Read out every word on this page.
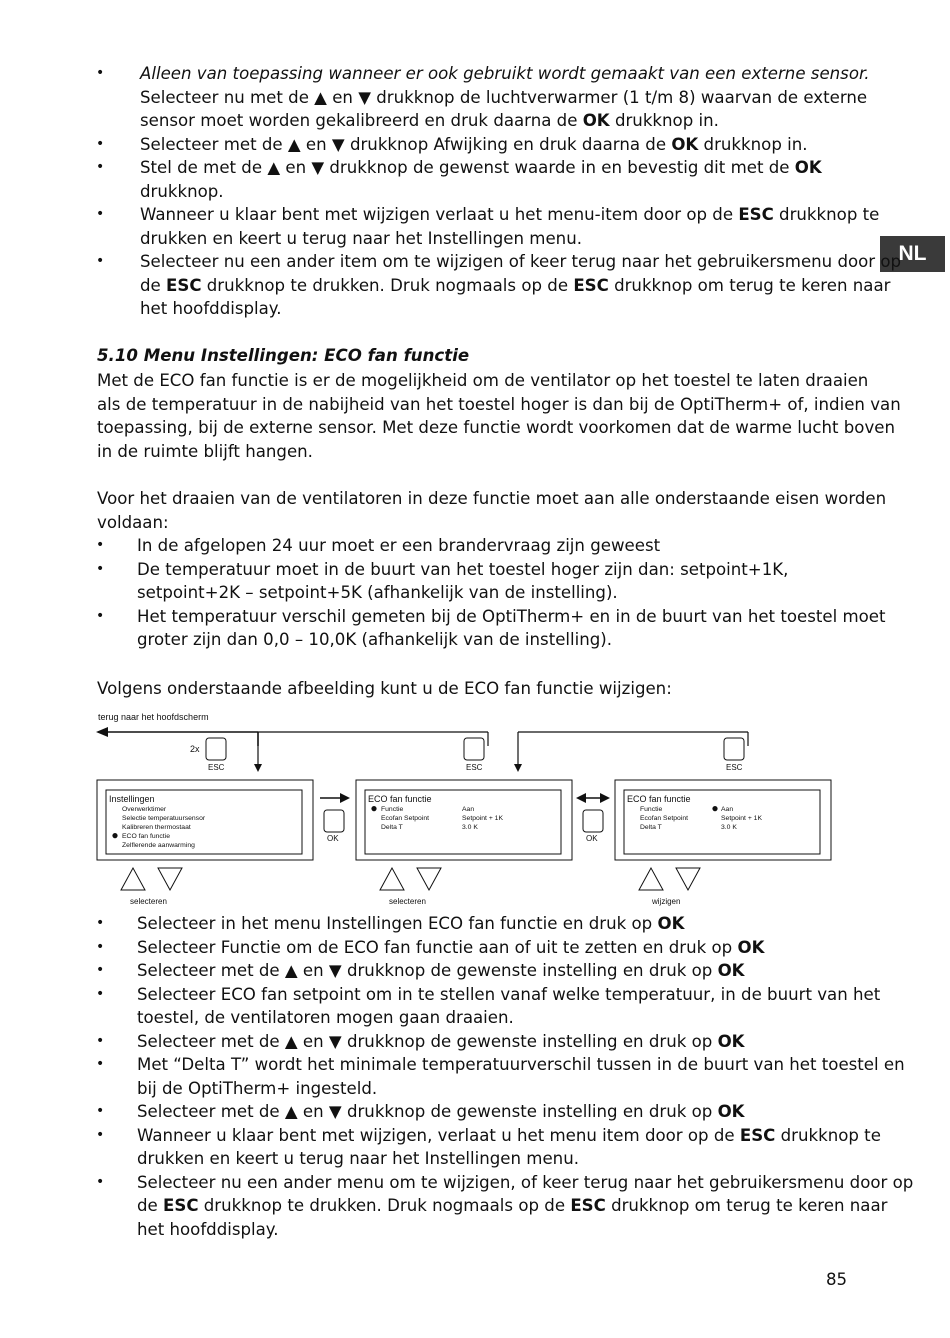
NL
Alleen van toepassing wanneer er ook gebruikt wordt gemaakt van een externe sensor.
•
Selecteer nu met de ▲ en ▼ drukknop de luchtverwarmer (1 t/m 8) waarvan de externe
sensor moet worden gekalibreerd en druk daarna de OK drukknop in.
Selecteer met de ▲ en ▼ drukknop Afwijking en druk daarna de OK drukknop in.
•
Stel de met de ▲ en ▼ drukknop de gewenst waarde in en bevestig dit met de OK
•
drukknop.
Wanneer u klaar bent met wijzigen verlaat u het menu-item door op de ESC drukknop te
•
drukken en keert u terug naar het Instellingen menu.
Selecteer nu een ander item om te wijzigen of keer terug naar het gebruikersmenu door op
•
de ESC drukknop te drukken. Druk nogmaals op de ESC drukknop om terug te keren naar
het hoofddisplay.
5.10 Menu Instellingen: ECO fan functie
Met de ECO fan functie is er de mogelijkheid om de ventilator op het toestel te laten draaien
als de temperatuur in de nabijheid van het toestel hoger is dan bij de OptiTherm+ of, indien van
toepassing, bij de externe sensor. Met deze functie wordt voorkomen dat de warme lucht boven
in de ruimte blijft hangen.
Voor het draaien van de ventilatoren in deze functie moet aan alle onderstaande eisen worden
voldaan:
In de afgelopen 24 uur moet er een brandervraag zijn geweest
•
De temperatuur moet in de buurt van het toestel hoger zijn dan: setpoint+1K,
•
setpoint+2K – setpoint+5K (afhankelijk van de instelling).
Het temperatuur verschil gemeten bij de OptiTherm+ en in de buurt van het toestel moet
•
groter zijn dan 0,0 – 10,0K (afhankelijk van de instelling).
Volgens onderstaande afbeelding kunt u de ECO fan functie wijzigen:
terug naar het hoofdscherm
2x
ESC	ESC	ESC
Instellingen
Overwerktimer
Selectie temperatuursensor
Kalibreren thermostaat
ECO fan functie
Zelflerende aanwarming
OK
ECO fan functie
Functie	Aan
Ecofan Setpoint	Setpoint + 1K
Delta T	3.0 K
OK
ECO fan functie
Functie	Aan
Ecofan Setpoint	Setpoint + 1K
Delta T	3.0 K
selecteren	selecteren	wijzigen
Selecteer in het menu Instellingen ECO fan functie en druk op OK
•
Selecteer Functie om de ECO fan functie aan of uit te zetten en druk op OK
•
Selecteer met de ▲ en ▼ drukknop de gewenste instelling en druk op OK
•
Selecteer ECO fan setpoint om in te stellen vanaf welke temperatuur, in de buurt van het
•
toestel, de ventilatoren mogen gaan draaien.
Selecteer met de ▲ en ▼ drukknop de gewenste instelling en druk op OK
•
Met “Delta T” wordt het minimale temperatuurverschil tussen in de buurt van het toestel en
•
bij de OptiTherm+ ingesteld.
Selecteer met de ▲ en ▼ drukknop de gewenste instelling en druk op OK
•
Wanneer u klaar bent met wijzigen, verlaat u het menu item door op de ESC drukknop te
•
drukken en keert u terug naar het Instellingen menu.
Selecteer nu een ander menu om te wijzigen, of keer terug naar het gebruikersmenu door op
•
de ESC drukknop te drukken. Druk nogmaals op de ESC drukknop om terug te keren naar
het hoofddisplay.
85
